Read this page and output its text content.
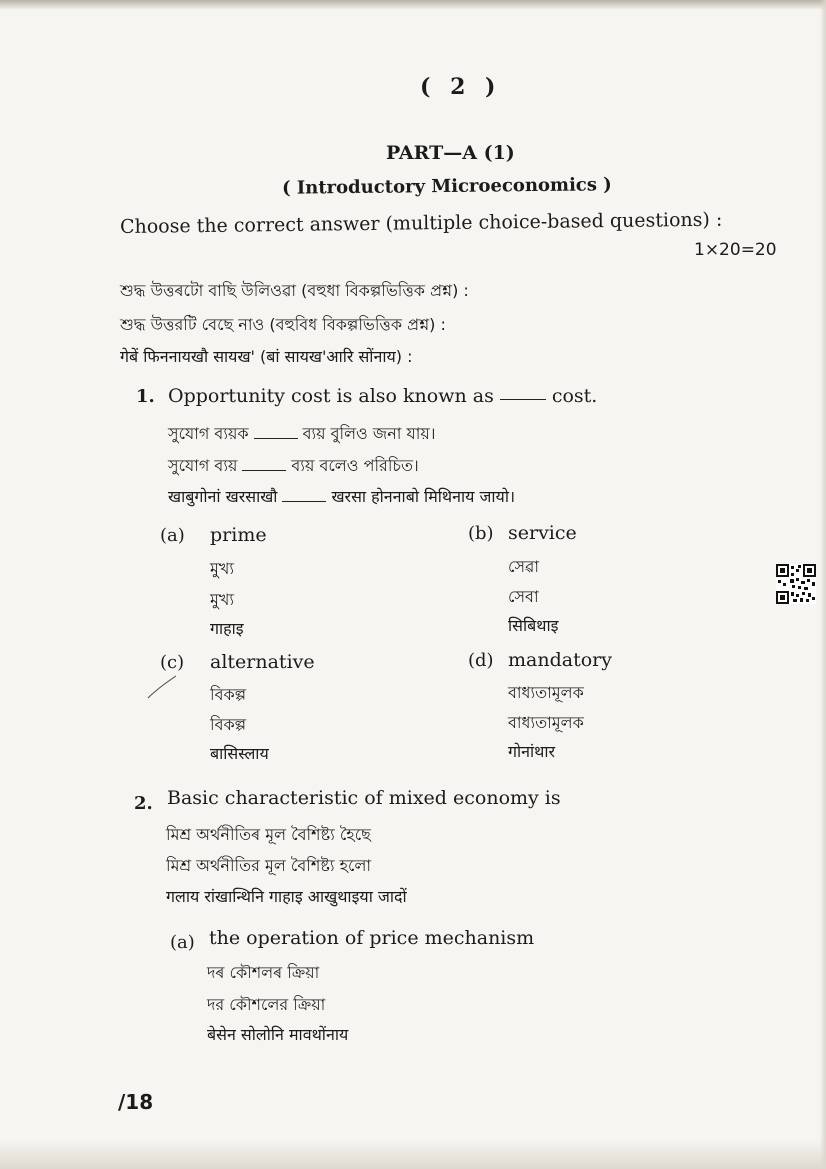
( 2 )
PART—A (1)
( Introductory Microeconomics )
Choose the correct answer (multiple choice-based questions) :
1×20=20
শুদ্ধ উত্তৰটো বাছি উলিওৱা (বহুধা বিকল্পভিত্তিক প্ৰশ্ন) :
শুদ্ধ উত্তরটি বেছে নাও (বহুবিধ বিকল্পভিত্তিক প্রশ্ন) :
गेबें फिननायखौ सायख' (बां सायख'आरि सोंनाय) :
1. Opportunity cost is also known as	cost.
সুযোগ ব্যয়ক	ব্যয় বুলিও জনা যায়।
সুযোগ ব্যয়	ব্যয় বলেও পরিচিত।
खाबुगोनां खरसाखौ	खरसा होननाबो मिथिनाय जायो।
(a) prime
মুখ্য
মুখ্য
गाहाइ
(b) service
সেৱা
সেবা
सिबिथाइ
(c) alternative
বিকল্প
বিকল্প
बासिस्लाय
(d) mandatory
বাধ্যতামূলক
বাধ্যতামূলক
गोनांथार
2. Basic characteristic of mixed economy is
মিশ্ৰ অৰ্থনীতিৰ মূল বৈশিষ্ট্য হৈছে
মিশ্র অর্থনীতির মূল বৈশিষ্ট্য হলো
गलाय रांखान्थिनि गाहाइ आखुथाइया जादों
(a) the operation of price mechanism
দৰ কৌশলৰ ক্ৰিয়া
দর কৌশলের ক্রিয়া
बेसेन सोलोनि मावथोंनाय
/18
